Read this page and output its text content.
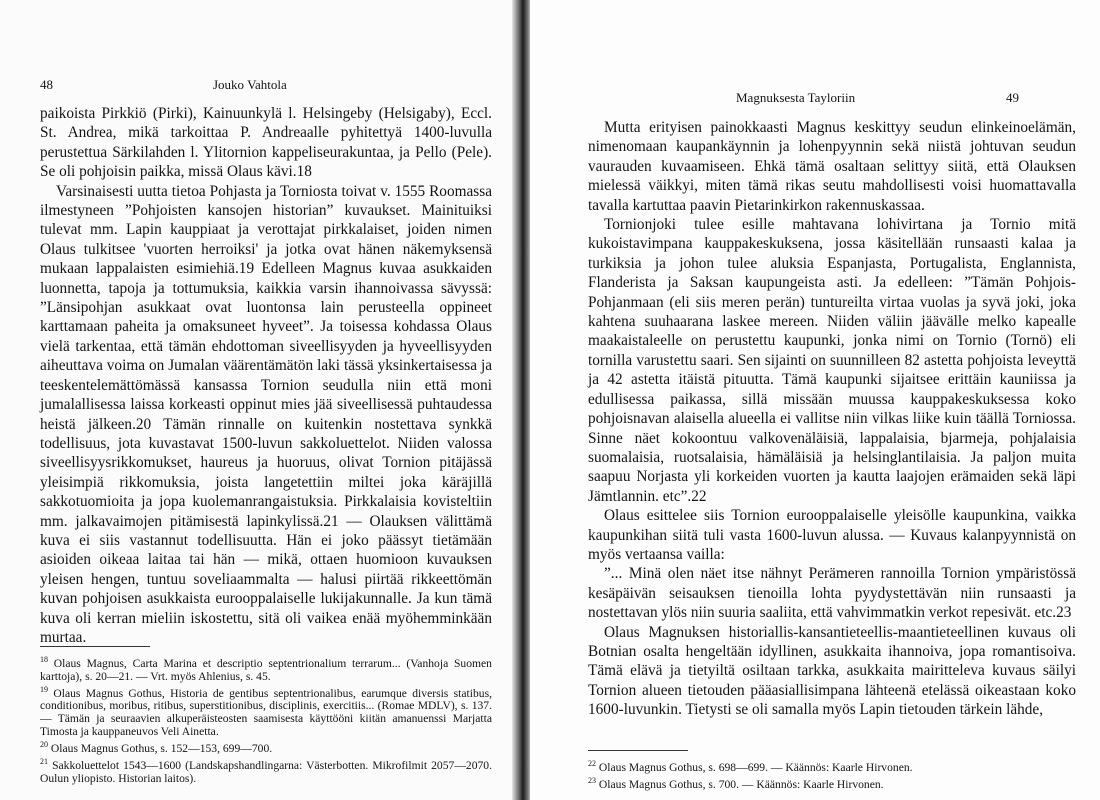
48	Jouko Vahtola

paikoista Pirkkiö (Pirki), Kainuunkylä l. Helsingeby (Helsigaby), Eccl. St. Andrea, mikä tarkoittaa P. Andreaalle pyhitettyä 1400-luvulla perustettua Särkilahden l. Ylitornion kappeliseurakuntaa, ja Pello (Pele). Se oli pohjoisin paikka, missä Olaus kävi.18

Varsinaisesti uutta tietoa Pohjasta ja Torniosta toivat v. 1555 Roomassa ilmestyneen ”Pohjoisten kansojen historian” kuvaukset. Mainituiksi tulevat mm. Lapin kauppiaat ja verottajat pirkkalaiset, joiden nimen Olaus tulkitsee 'vuorten herroiksi' ja jotka ovat hänen näkemyksensä mukaan lappalaisten esimiehiä.19 Edelleen Magnus kuvaa asukkaiden luonnetta, tapoja ja tottumuksia, kaikkia varsin ihannoivassa sävyssä: ”Länsipohjan asukkaat ovat luontonsa lain perusteella oppineet karttamaan paheita ja omaksuneet hyveet”. Ja toisessa kohdassa Olaus vielä tarkentaa, että tämän ehdottoman siveellisyyden ja hyveellisyyden aiheuttava voima on Jumalan väärentämätön laki tässä yksinkertaisessa ja teeskentelemättömässä kansassa Tornion seudulla niin että moni jumalallisessa laissa korkeasti oppinut mies jää siveellisessä puhtaudessa heistä jälkeen.20 Tämän rinnalle on kuitenkin nostettava synkkä todellisuus, jota kuvastavat 1500-luvun sakkoluettelot. Niiden valossa siveellisyysrikkomukset, haureus ja huoruus, olivat Tornion pitäjässä yleisimpiä rikkomuksia, joista langetettiin miltei joka käräjillä sakkotuomioita ja jopa kuolemanrangaistuksia. Pirkkalaisia kovisteltiin mm. jalkavaimojen pitämisestä lapinkylissä.21 — Olauksen välittämä kuva ei siis vastannut todellisuutta. Hän ei joko päässyt tietämään asioiden oikeaa laitaa tai hän — mikä, ottaen huomioon kuvauksen yleisen hengen, tuntuu soveliaammalta — halusi piirtää rikkeettömän kuvan pohjoisen asukkaista eurooppalaiselle lukijakunnalle. Ja kun tämä kuva oli kerran mieliin iskostettu, sitä oli vaikea enää myöhemminkään murtaa.

$^{18}$ Olaus Magnus, Carta Marina et descriptio septentrionalium terrarum... (Vanhoja Suomen karttoja), s. 20—21. — Vrt. myös Ahlenius, s. 45.

$^{19}$ Olaus Magnus Gothus, Historia de gentibus septentrionalibus, earumque diversis statibus, conditionibus, moribus, ritibus, superstitionibus, disciplinis, exercitiis... (Romae MDLV), s. 137. — Tämän ja seuraavien alkuperäisteosten saamisesta käyttööni kiitän amanuenssi Marjatta Timosta ja kauppaneuvos Veli Ainetta.

$^{20}$ Olaus Magnus Gothus, s. 152—153, 699—700.

$^{21}$ Sakkoluettelot 1543—1600 (Landskapshandlingarna: Västerbotten. Mikrofilmit 2057—2070. Oulun yliopisto. Historian laitos).

Magnuksesta Tayloriin	49

Mutta erityisen painokkaasti Magnus keskittyy seudun elinkeinoelämän, nimenomaan kaupankäynnin ja lohenpyynnin sekä niistä johtuvan seudun vaurauden kuvaamiseen. Ehkä tämä osaltaan selittyy siitä, että Olauksen mielessä väikkyi, miten tämä rikas seutu mahdollisesti voisi huomattavalla tavalla kartuttaa paavin Pietarinkirkon rakennuskassaa.

Tornionjoki tulee esille mahtavana lohivirtana ja Tornio mitä kukoistavimpana kauppakeskuksena, jossa käsitellään runsaasti kalaa ja turkiksia ja johon tulee aluksia Espanjasta, Portugalista, Englannista, Flanderista ja Saksan kaupungeista asti. Ja edelleen: ”Tämän Pohjois-Pohjanmaan (eli siis meren perän) tuntureilta virtaa vuolas ja syvä joki, joka kahtena suuhaarana laskee mereen. Niiden väliin jäävälle melko kapealle maakaistaleelle on perustettu kaupunki, jonka nimi on Tornio (Tornö) eli tornilla varustettu saari. Sen sijainti on suunnilleen 82 astetta pohjoista leveyttä ja 42 astetta itäistä pituutta. Tämä kaupunki sijaitsee erittäin kauniissa ja edullisessa paikassa, sillä missään muussa kauppakeskuksessa koko pohjoisnavan alaisella alueella ei vallitse niin vilkas liike kuin täällä Torniossa. Sinne näet kokoontuu valkovenäläisiä, lappalaisia, bjarmeja, pohjalaisia suomalaisia, ruotsalaisia, hämäläisiä ja helsinglantilaisia. Ja paljon muita saapuu Norjasta yli korkeiden vuorten ja kautta laajojen erämaiden sekä läpi Jämtlannin. etc”.22

Olaus esittelee siis Tornion eurooppalaiselle yleisölle kaupunkina, vaikka kaupunkihan siitä tuli vasta 1600-luvun alussa. — Kuvaus kalanpyynnistä on myös vertaansa vailla:

”... Minä olen näet itse nähnyt Perämeren rannoilla Tornion ympäristössä kesäpäivän seisauksen tienoilla lohta pyydystettävän niin runsaasti ja nostettavan ylös niin suuria saaliita, että vahvimmatkin verkot repesivät. etc.23

Olaus Magnuksen historiallis-kansantieteellis-maantieteellinen kuvaus oli Botnian osalta hengeltään idyllinen, asukkaita ihannoiva, jopa romantisoiva. Tämä elävä ja tietyiltä osiltaan tarkka, asukkaita mairitteleva kuvaus säilyi Tornion alueen tietouden pääasiallisimpana lähteenä etelässä oikeastaan koko 1600-luvunkin. Tietysti se oli samalla myös Lapin tietouden tärkein lähde,

$^{22}$ Olaus Magnus Gothus, s. 698—699. — Käännös: Kaarle Hirvonen.

$^{23}$ Olaus Magnus Gothus, s. 700. — Käännös: Kaarle Hirvonen.
